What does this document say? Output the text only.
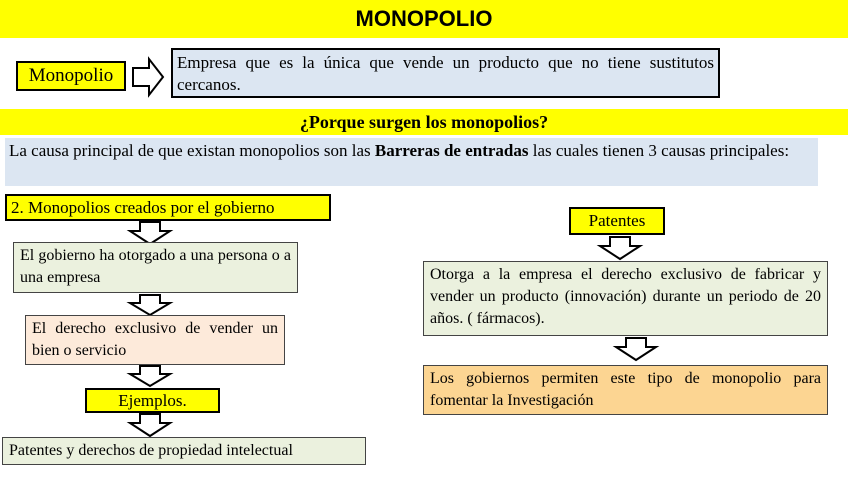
MONOPOLIO
Monopolio
Empresa que es la única que vende un producto que no tiene sustitutos cercanos.
¿Porque surgen los monopolios?
La causa principal de que existan monopolios son las Barreras de entradas las cuales tienen 3 causas principales:
2. Monopolios creados por el gobierno
El gobierno ha otorgado a una persona o a una empresa
El derecho exclusivo de vender un bien o servicio
Ejemplos.
Patentes y derechos de propiedad intelectual
Patentes
Otorga a la empresa el derecho exclusivo de fabricar y vender un producto (innovación) durante un periodo de 20 años. ( fármacos).
Los gobiernos permiten este tipo de monopolio para fomentar la Investigación
